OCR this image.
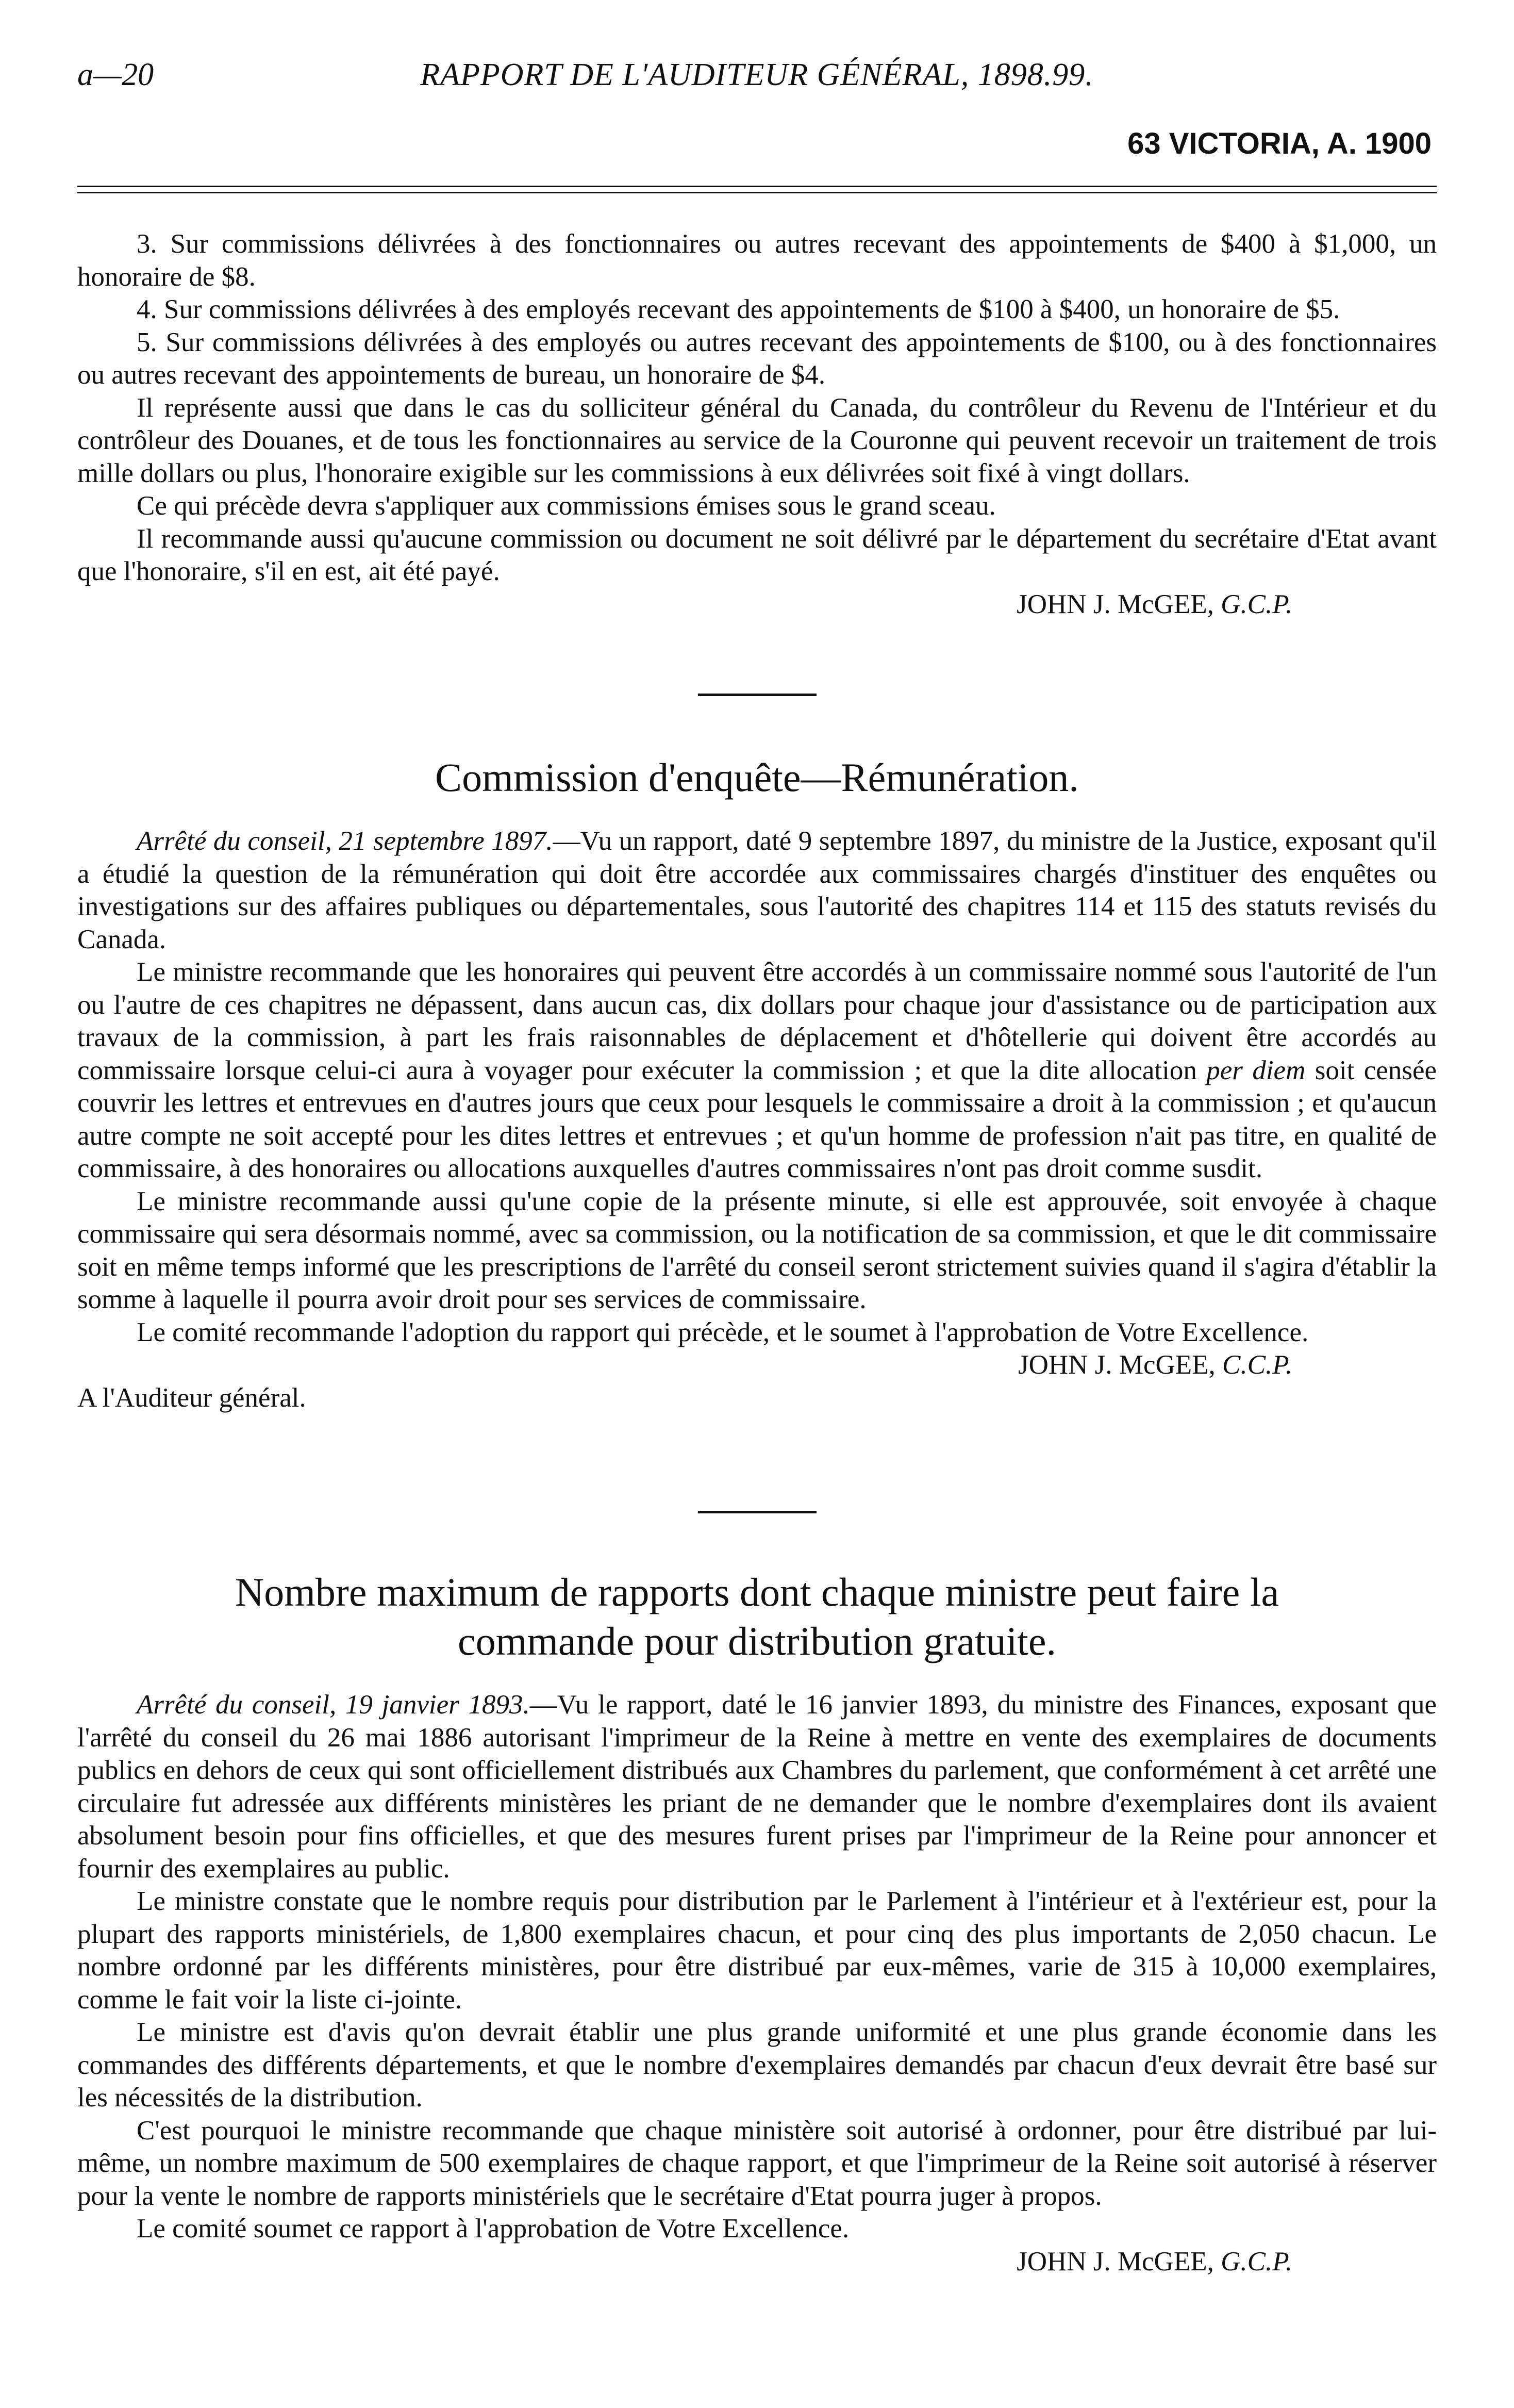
a—20	RAPPORT DE L'AUDITEUR GÉNÉRAL, 1898.99.
63 VICTORIA, A. 1900

3. Sur commissions délivrées à des fonctionnaires ou autres recevant des appointements de $400 à $1,000, un honoraire de $8.

4. Sur commissions délivrées à des employés recevant des appointements de $100 à $400, un honoraire de $5.

5. Sur commissions délivrées à des employés ou autres recevant des appointements de $100, ou à des fonctionnaires ou autres recevant des appointements de bureau, un honoraire de $4.

Il représente aussi que dans le cas du solliciteur général du Canada, du contrôleur du Revenu de l'Intérieur et du contrôleur des Douanes, et de tous les fonctionnaires au service de la Couronne qui peuvent recevoir un traitement de trois mille dollars ou plus, l'honoraire exigible sur les commissions à eux délivrées soit fixé à vingt dollars.

Ce qui précède devra s'appliquer aux commissions émises sous le grand sceau.

Il recommande aussi qu'aucune commission ou document ne soit délivré par le département du secrétaire d'Etat avant que l'honoraire, s'il en est, ait été payé.

JOHN J. McGEE, G.C.P.

Commission d'enquête—Rémunération.

Arrêté du conseil, 21 septembre 1897.—Vu un rapport, daté 9 septembre 1897, du ministre de la Justice, exposant qu'il a étudié la question de la rémunération qui doit être accordée aux commissaires chargés d'instituer des enquêtes ou investigations sur des affaires publiques ou départementales, sous l'autorité des chapitres 114 et 115 des statuts revisés du Canada.

Le ministre recommande que les honoraires qui peuvent être accordés à un commissaire nommé sous l'autorité de l'un ou l'autre de ces chapitres ne dépassent, dans aucun cas, dix dollars pour chaque jour d'assistance ou de participation aux travaux de la commission, à part les frais raisonnables de déplacement et d'hôtellerie qui doivent être accordés au commissaire lorsque celui-ci aura à voyager pour exécuter la commission ; et que la dite allocation per diem soit censée couvrir les lettres et entrevues en d'autres jours que ceux pour lesquels le commissaire a droit à la commission ; et qu'aucun autre compte ne soit accepté pour les dites lettres et entrevues ; et qu'un homme de profession n'ait pas titre, en qualité de commissaire, à des honoraires ou allocations auxquelles d'autres commissaires n'ont pas droit comme susdit.

Le ministre recommande aussi qu'une copie de la présente minute, si elle est approuvée, soit envoyée à chaque commissaire qui sera désormais nommé, avec sa commission, ou la notification de sa commission, et que le dit commissaire soit en même temps informé que les prescriptions de l'arrêté du conseil seront strictement suivies quand il s'agira d'établir la somme à laquelle il pourra avoir droit pour ses services de commissaire.

Le comité recommande l'adoption du rapport qui précède, et le soumet à l'approbation de Votre Excellence.

JOHN J. McGEE, C.C.P.

A l'Auditeur général.

Nombre maximum de rapports dont chaque ministre peut faire la
commande pour distribution gratuite.

Arrêté du conseil, 19 janvier 1893.—Vu le rapport, daté le 16 janvier 1893, du ministre des Finances, exposant que l'arrêté du conseil du 26 mai 1886 autorisant l'imprimeur de la Reine à mettre en vente des exemplaires de documents publics en dehors de ceux qui sont officiellement distribués aux Chambres du parlement, que conformément à cet arrêté une circulaire fut adressée aux différents ministères les priant de ne demander que le nombre d'exemplaires dont ils avaient absolument besoin pour fins officielles, et que des mesures furent prises par l'imprimeur de la Reine pour annoncer et fournir des exemplaires au public.

Le ministre constate que le nombre requis pour distribution par le Parlement à l'intérieur et à l'extérieur est, pour la plupart des rapports ministériels, de 1,800 exemplaires chacun, et pour cinq des plus importants de 2,050 chacun. Le nombre ordonné par les différents ministères, pour être distribué par eux-mêmes, varie de 315 à 10,000 exemplaires, comme le fait voir la liste ci-jointe.

Le ministre est d'avis qu'on devrait établir une plus grande uniformité et une plus grande économie dans les commandes des différents départements, et que le nombre d'exemplaires demandés par chacun d'eux devrait être basé sur les nécessités de la distribution.

C'est pourquoi le ministre recommande que chaque ministère soit autorisé à ordonner, pour être distribué par lui-même, un nombre maximum de 500 exemplaires de chaque rapport, et que l'imprimeur de la Reine soit autorisé à réserver pour la vente le nombre de rapports ministériels que le secrétaire d'Etat pourra juger à propos.

Le comité soumet ce rapport à l'approbation de Votre Excellence.

JOHN J. McGEE, G.C.P.
